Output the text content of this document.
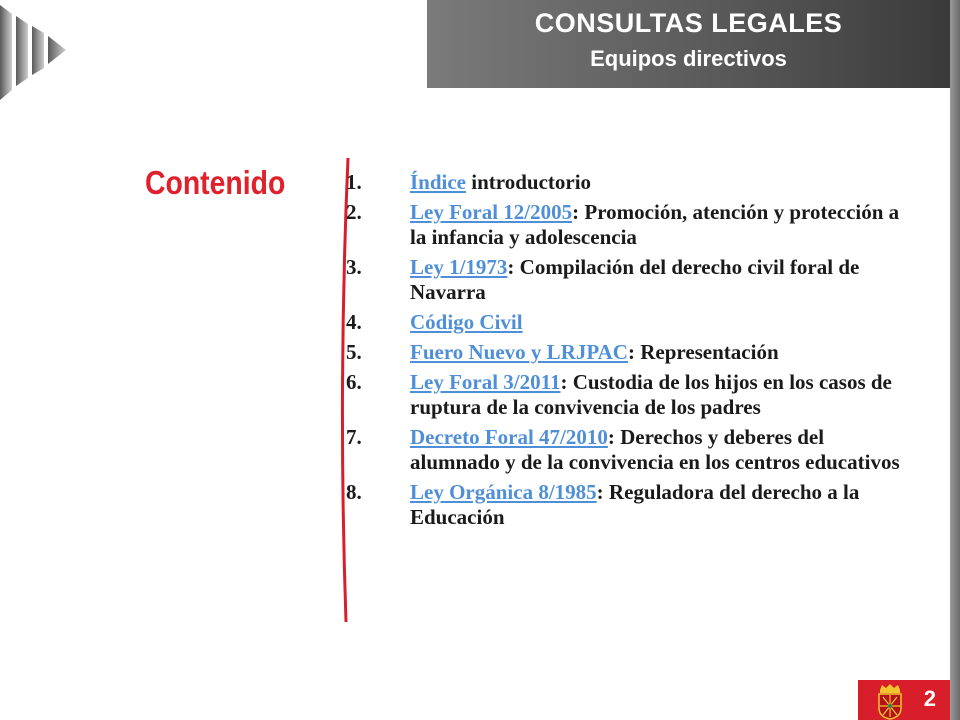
CONSULTAS LEGALES
Equipos directivos
Contenido	1. Índice introductorio
2. Ley Foral 12/2005: Promoción, atención y protección a la infancia y adolescencia
3. Ley 1/1973: Compilación del derecho civil foral de Navarra
4. Código Civil
5. Fuero Nuevo y LRJPAC: Representación
6. Ley Foral 3/2011: Custodia de los hijos en los casos de ruptura de la convivencia de los padres
7. Decreto Foral 47/2010: Derechos y deberes del alumnado y de la convivencia en los centros educativos
8. Ley Orgánica 8/1985: Reguladora del derecho a la Educación
2
